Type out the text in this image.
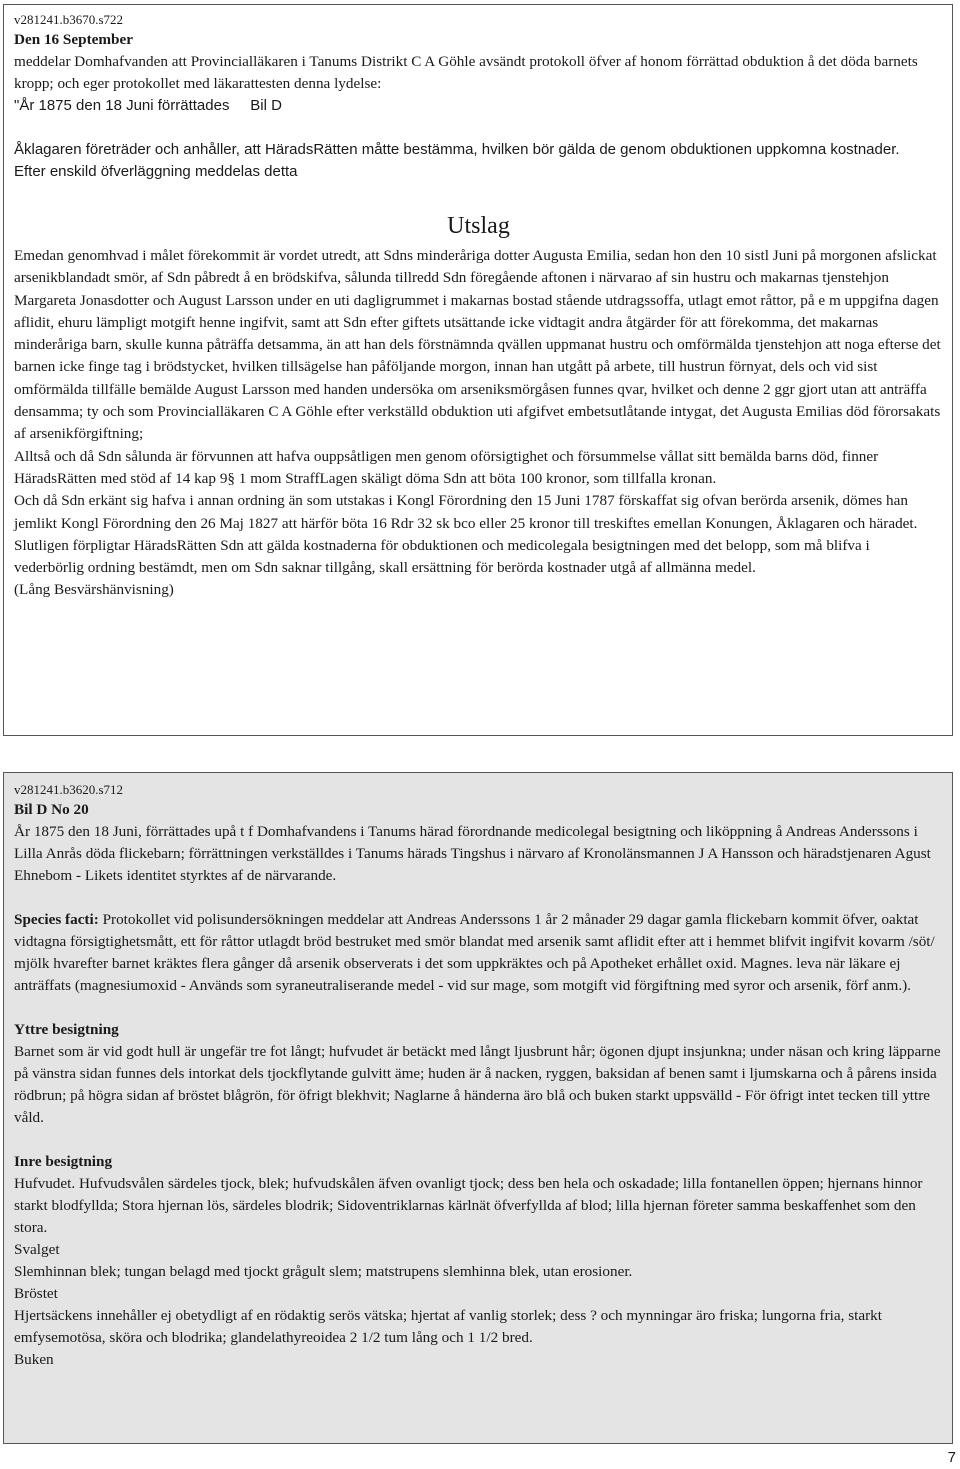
v281241.b3670.s722

Den 16 September

meddelar Domhafvanden att Provincialläkaren i Tanums Distrikt C A Göhle avsändt protokoll öfver af honom förrättad obduktion å det döda barnets kropp; och eger protokollet med läkarattesten denna lydelse:

"År 1875 den 18 Juni förrättades     Bil D

Åklagaren företräder och anhåller, att HäradsRätten måtte bestämma, hvilken bör gälda de genom obduktionen uppkomna kostnader.

Efter enskild öfverläggning meddelas detta

Utslag

Emedan genomhvad i målet förekommit är vordet utredt, att Sdns minderåriga dotter Augusta Emilia, sedan hon den 10 sistl Juni på morgonen afslickat arsenikblandadt smör, af Sdn påbredt å en brödskifva, sålunda tillredd Sdn föregående aftonen i närvarao af sin hustru och makarnas tjenstehjon Margareta Jonasdotter och August Larsson under en uti dagligrummet i makarnas bostad stående utdragssoffa, utlagt emot råttor, på e m uppgifna dagen aflidit, ehuru lämpligt motgift henne ingifvit, samt att Sdn efter giftets utsättande icke vidtagit andra åtgärder för att förekomma, det makarnas minderåriga barn, skulle kunna påträffa detsamma, än att han dels förstnämnda qvällen uppmanat hustru och omförmälda tjenstehjon att noga efterse det barnen icke finge tag i brödstycket, hvilken tillsägelse han påföljande morgon, innan han utgått på arbete, till hustrun förnyat, dels och vid sist omförmälda tillfälle bemälde August Larsson med handen undersöka om arseniksmörgåsen funnes qvar, hvilket och denne 2 ggr gjort utan att anträffa densamma; ty och som Provincialläkaren C A Göhle efter verkställd obduktion uti afgifvet embetsutlåtande intygat, det Augusta Emilias död förorsakats af arsenikförgiftning;

Alltså och då Sdn sålunda är förvunnen att hafva ouppsåtligen men genom oförsigtighet och försummelse vållat sitt bemälda barns död, finner HäradsRätten med stöd af 14 kap 9§ 1 mom StraffLagen skäligt döma Sdn att böta 100 kronor, som tillfalla kronan.

Och då Sdn erkänt sig hafva i annan ordning än som utstakas i Kongl Förordning den 15 Juni 1787 förskaffat sig ofvan berörda arsenik, dömes han jemlikt Kongl Förordning den 26 Maj 1827 att härför böta 16 Rdr 32 sk bco eller 25 kronor till treskiftes emellan Konungen, Åklagaren och häradet.

Slutligen förpligtar HäradsRätten Sdn att gälda kostnaderna för obduktionen och medicolegala besigtningen med det belopp, som må blifva i vederbörlig ordning bestämdt, men om Sdn saknar tillgång, skall ersättning för berörda kostnader utgå af allmänna medel.

(Lång Besvärshänvisning)

v281241.b3620.s712

Bil D No 20

År 1875 den 18 Juni, förrättades upå t f Domhafvandens i Tanums härad förordnande medicolegal besigtning och liköppning å Andreas Anderssons i Lilla Anrås döda flickebarn; förrättningen verkställdes i Tanums härads Tingshus i närvaro af Kronolänsmannen J A Hansson och häradstjenaren Agust Ehnebom - Likets identitet styrktes af de närvarande.

Species facti: Protokollet vid polisundersökningen meddelar att Andreas Anderssons 1 år 2 månader 29 dagar gamla flickebarn kommit öfver, oaktat vidtagna försigtighetsmått, ett för råttor utlagdt bröd bestruket med smör blandat med arsenik samt aflidit efter att i hemmet blifvit ingifvit kovarm /söt/ mjölk hvarefter barnet kräktes flera gånger då arsenik observerats i det som uppkräktes och på Apotheket erhållet oxid. Magnes. leva när läkare ej anträffats (magnesiumoxid - Används som syraneutraliserande medel - vid sur mage, som motgift vid förgiftning med syror och arsenik, förf anm.).

Yttre besigtning

Barnet som är vid godt hull är ungefär tre fot långt; hufvudet är betäckt med långt ljusbrunt hår; ögonen djupt insjunkna; under näsan och kring läpparne på vänstra sidan funnes dels intorkat dels tjockflytande gulvitt äme; huden är å nacken, ryggen, baksidan af benen samt i ljumskarna och å pårens insida rödbrun; på högra sidan af bröstet blågrön, för öfrigt blekhvit; Naglarne å händerna äro blå och buken starkt uppsvälld - För öfrigt intet tecken till yttre våld.

Inre besigtning

Hufvudet. Hufvudsvålen särdeles tjock, blek; hufvudskålen äfven ovanligt tjock; dess ben hela och oskadade; lilla fontanellen öppen; hjernans hinnor starkt blodfyllda; Stora hjernan lös, särdeles blodrik; Sidoventriklarnas kärlnät öfverfyllda af blod; lilla hjernan företer samma beskaffenhet som den stora.

Svalget

Slemhinnan blek; tungan belagd med tjockt grågult slem; matstrupens slemhinna blek, utan erosioner.

Bröstet

Hjertsäckens innehåller ej obetydligt af en rödaktig serös vätska; hjertat af vanlig storlek; dess ? och mynningar äro friska; lungorna fria, starkt emfysemotösa, sköra och blodrika; glandelathyreoidea 2 1/2 tum lång och 1 1/2 bred.

Buken

7
